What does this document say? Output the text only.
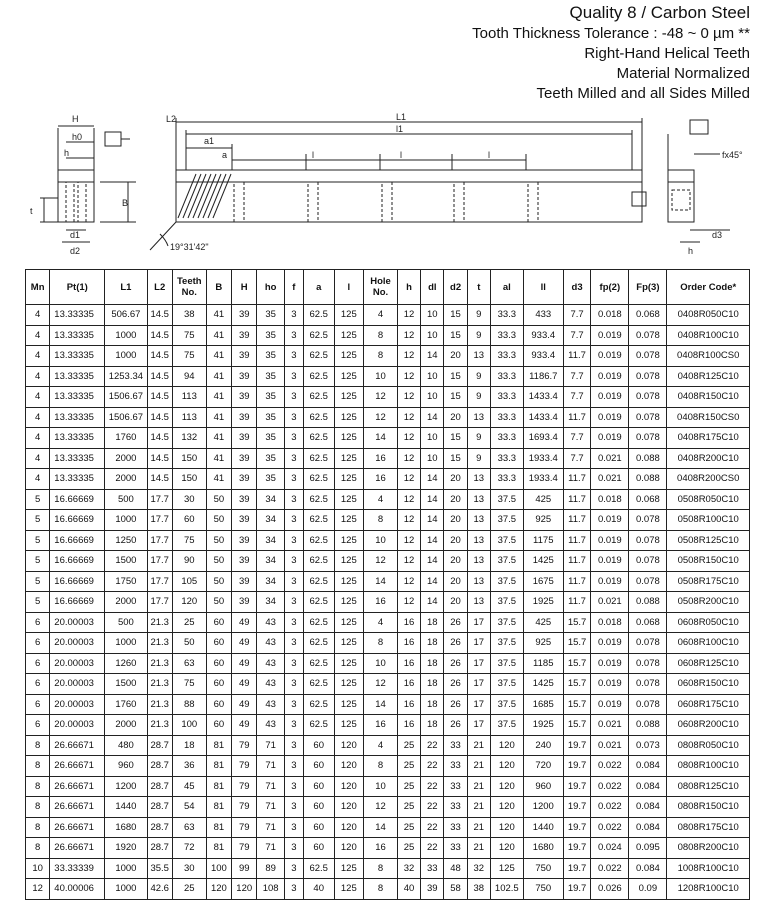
Quality 8 / Carbon Steel
Tooth Thickness Tolerance : -48 ~ 0 µm **
Right-Hand Helical Teeth
Material Normalized
Teeth Milled and all Sides Milled
H
h0
h
t
B
d1
d2
L2	L1
l1
a1
a	l	l	l
19°31'42"
fx45°
d3
h
Mn	Pt(1)	L1	L2	Teeth No.	B	H	ho	f	a	l	Hole No.	h	dl	d2	t	al	ll	d3	fp(2)	Fp(3)	Order Code*
4	13.33335	506.67	14.5	38	41	39	35	3	62.5	125	4	12	10	15	9	33.3	433	7.7	0.018	0.068	0408R050C10
4	13.33335	1000	14.5	75	41	39	35	3	62.5	125	8	12	10	15	9	33.3	933.4	7.7	0.019	0.078	0408R100C10
4	13.33335	1000	14.5	75	41	39	35	3	62.5	125	8	12	14	20	13	33.3	933.4	11.7	0.019	0.078	0408R100CS0
4	13.33335	1253.34	14.5	94	41	39	35	3	62.5	125	10	12	10	15	9	33.3	1186.7	7.7	0.019	0.078	0408R125C10
4	13.33335	1506.67	14.5	113	41	39	35	3	62.5	125	12	12	10	15	9	33.3	1433.4	7.7	0.019	0.078	0408R150C10
4	13.33335	1506.67	14.5	113	41	39	35	3	62.5	125	12	12	14	20	13	33.3	1433.4	11.7	0.019	0.078	0408R150CS0
4	13.33335	1760	14.5	132	41	39	35	3	62.5	125	14	12	10	15	9	33.3	1693.4	7.7	0.019	0.078	0408R175C10
4	13.33335	2000	14.5	150	41	39	35	3	62.5	125	16	12	10	15	9	33.3	1933.4	7.7	0.021	0.088	0408R200C10
4	13.33335	2000	14.5	150	41	39	35	3	62.5	125	16	12	14	20	13	33.3	1933.4	11.7	0.021	0.088	0408R200CS0
5	16.66669	500	17.7	30	50	39	34	3	62.5	125	4	12	14	20	13	37.5	425	11.7	0.018	0.068	0508R050C10
5	16.66669	1000	17.7	60	50	39	34	3	62.5	125	8	12	14	20	13	37.5	925	11.7	0.019	0.078	0508R100C10
5	16.66669	1250	17.7	75	50	39	34	3	62.5	125	10	12	14	20	13	37.5	1175	11.7	0.019	0.078	0508R125C10
5	16.66669	1500	17.7	90	50	39	34	3	62.5	125	12	12	14	20	13	37.5	1425	11.7	0.019	0.078	0508R150C10
5	16.66669	1750	17.7	105	50	39	34	3	62.5	125	14	12	14	20	13	37.5	1675	11.7	0.019	0.078	0508R175C10
5	16.66669	2000	17.7	120	50	39	34	3	62.5	125	16	12	14	20	13	37.5	1925	11.7	0.021	0.088	0508R200C10
6	20.00003	500	21.3	25	60	49	43	3	62.5	125	4	16	18	26	17	37.5	425	15.7	0.018	0.068	0608R050C10
6	20.00003	1000	21.3	50	60	49	43	3	62.5	125	8	16	18	26	17	37.5	925	15.7	0.019	0.078	0608R100C10
6	20.00003	1260	21.3	63	60	49	43	3	62.5	125	10	16	18	26	17	37.5	1185	15.7	0.019	0.078	0608R125C10
6	20.00003	1500	21.3	75	60	49	43	3	62.5	125	12	16	18	26	17	37.5	1425	15.7	0.019	0.078	0608R150C10
6	20.00003	1760	21.3	88	60	49	43	3	62.5	125	14	16	18	26	17	37.5	1685	15.7	0.019	0.078	0608R175C10
6	20.00003	2000	21.3	100	60	49	43	3	62.5	125	16	16	18	26	17	37.5	1925	15.7	0.021	0.088	0608R200C10
8	26.66671	480	28.7	18	81	79	71	3	60	120	4	25	22	33	21	120	240	19.7	0.021	0.073	0808R050C10
8	26.66671	960	28.7	36	81	79	71	3	60	120	8	25	22	33	21	120	720	19.7	0.022	0.084	0808R100C10
8	26.66671	1200	28.7	45	81	79	71	3	60	120	10	25	22	33	21	120	960	19.7	0.022	0.084	0808R125C10
8	26.66671	1440	28.7	54	81	79	71	3	60	120	12	25	22	33	21	120	1200	19.7	0.022	0.084	0808R150C10
8	26.66671	1680	28.7	63	81	79	71	3	60	120	14	25	22	33	21	120	1440	19.7	0.022	0.084	0808R175C10
8	26.66671	1920	28.7	72	81	79	71	3	60	120	16	25	22	33	21	120	1680	19.7	0.024	0.095	0808R200C10
10	33.33339	1000	35.5	30	100	99	89	3	62.5	125	8	32	33	48	32	125	750	19.7	0.022	0.084	1008R100C10
12	40.00006	1000	42.6	25	120	120	108	3	40	125	8	40	39	58	38	102.5	750	19.7	0.026	0.09	1208R100C10
